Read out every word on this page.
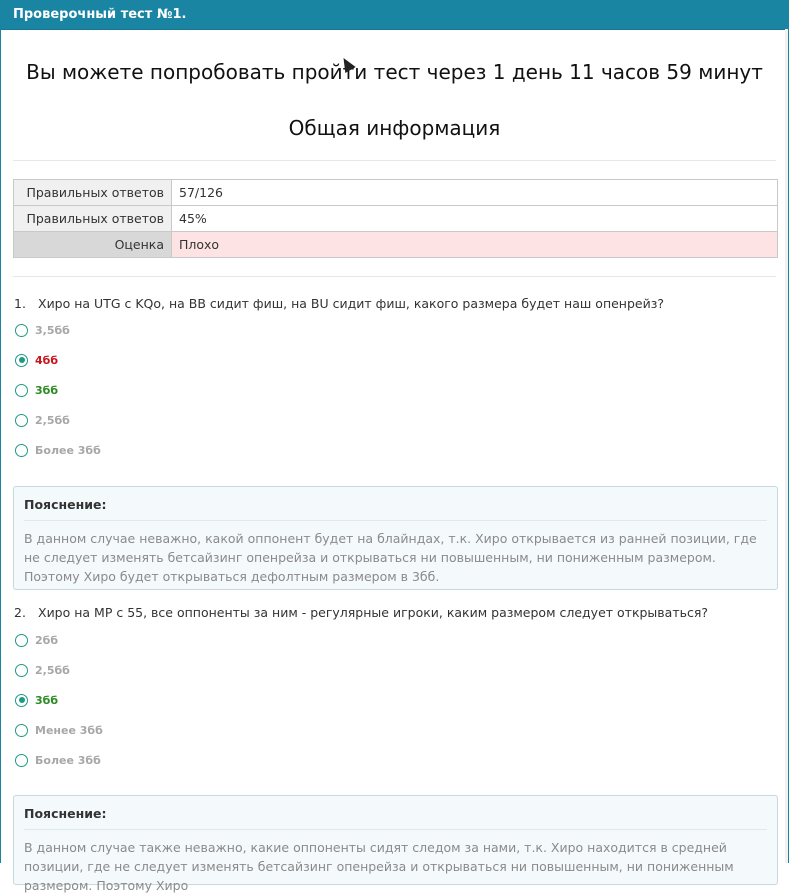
Проверочный тест №1.
Вы можете попробовать пройти тест через 1 день 11 часов 59 минут
Общая информация
Правильных ответов	57/126
Правильных ответов	45%
Оценка	Плохо
1. Хиро на UTG c KQo, на BB сидит фиш, на BU сидит фиш, какого размера будет наш опенрейз?
3,5бб
4бб
3бб
2,5бб
Более 3бб
Пояснение:
В данном случае неважно, какой оппонент будет на блайндах, т.к. Хиро открывается из ранней позиции, где не следует изменять бетсайзинг опенрейза и открываться ни повышенным, ни пониженным размером. Поэтому Хиро будет открываться дефолтным размером в 3бб.
2. Хиро на MP с 55, все оппоненты за ним - регулярные игроки, каким размером следует открываться?
2бб
2,5бб
3бб
Менее 3бб
Более 3бб
Пояснение:
В данном случае также неважно, какие оппоненты сидят следом за нами, т.к. Хиро находится в средней позиции, где не следует изменять бетсайзинг опенрейза и открываться ни повышенным, ни пониженным размером. Поэтому Хиро
